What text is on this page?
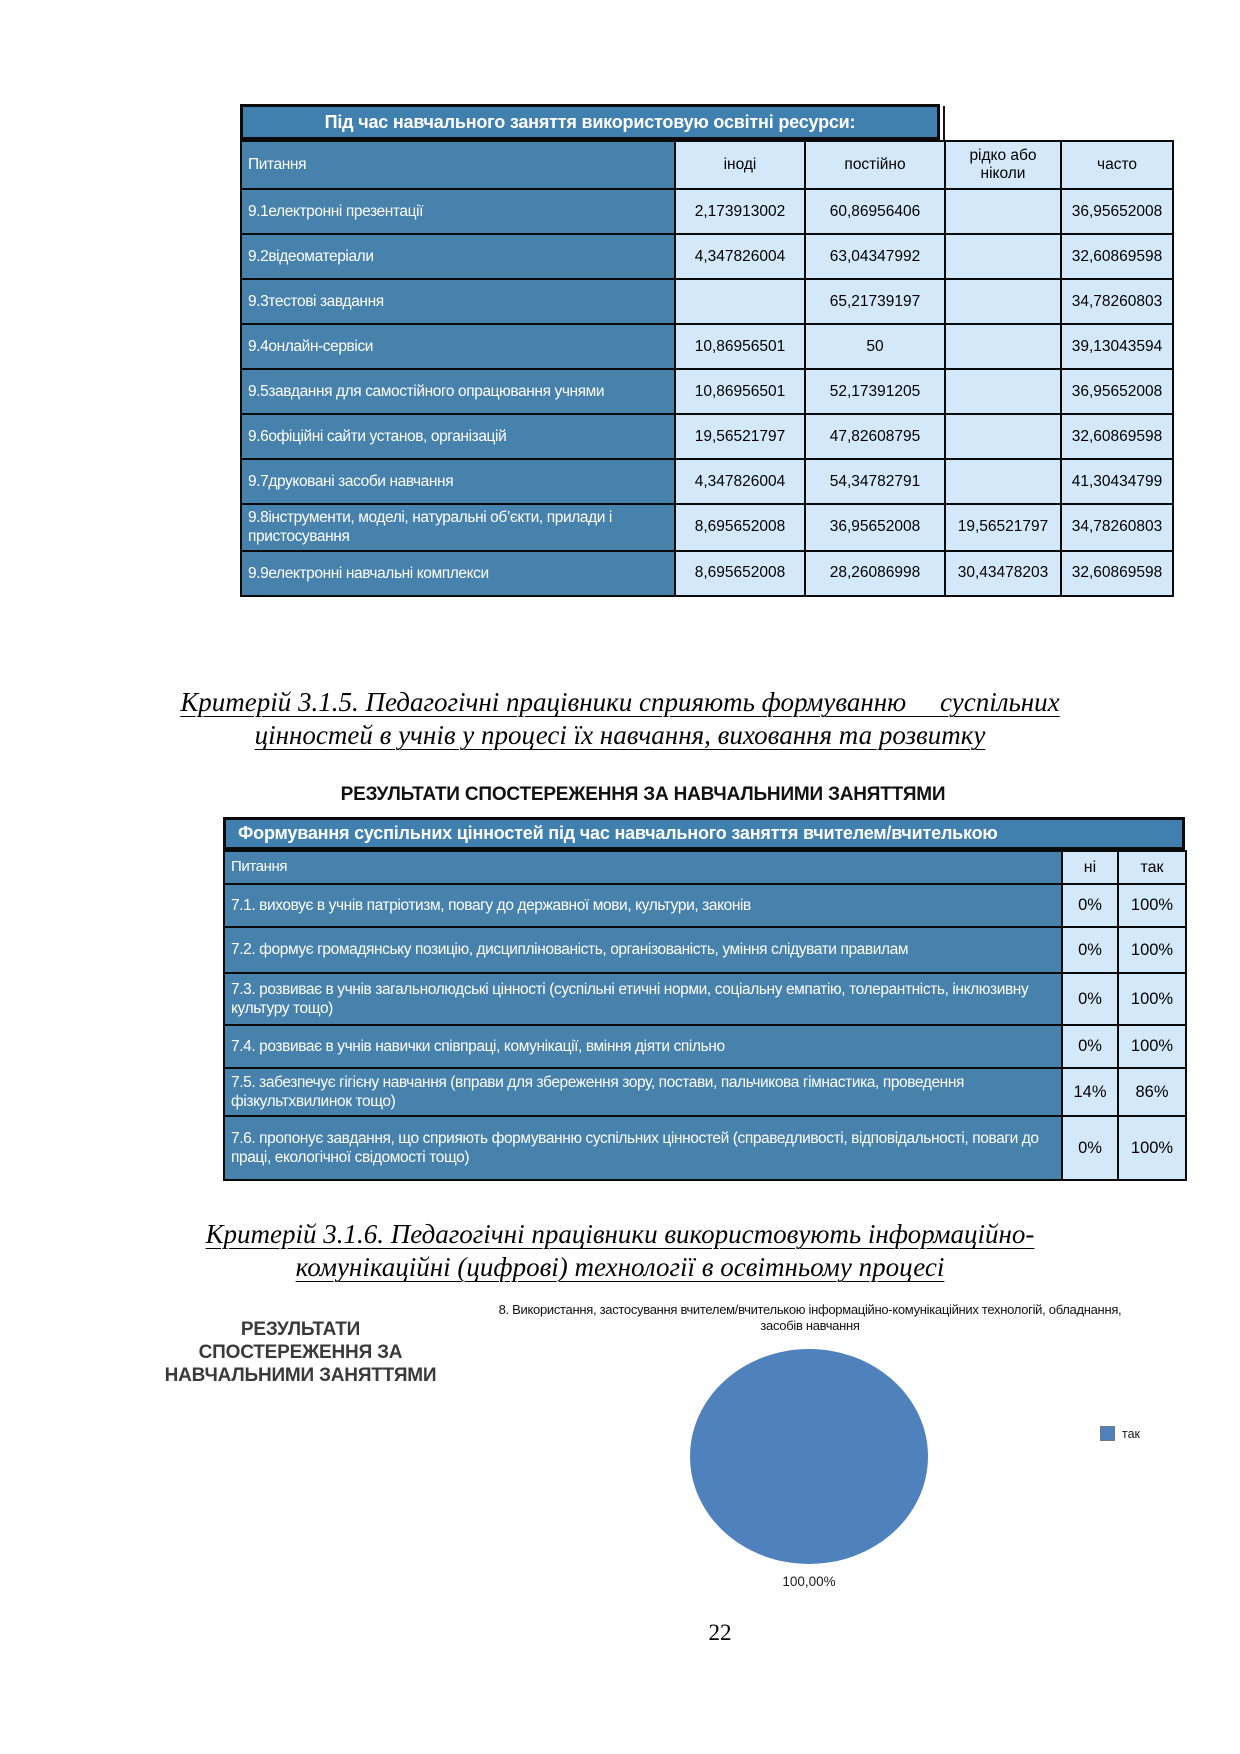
Під час навчального заняття використовую освітні ресурси:
Питання	іноді	постійно	рідко або ніколи	часто
9.1електронні презентації	2,173913002	60,86956406		36,95652008
9.2відеоматеріали	4,347826004	63,04347992		32,60869598
9.3тестові завдання		65,21739197		34,78260803
9.4онлайн-сервіси	10,86956501	50		39,13043594
9.5завдання для самостійного опрацювання учнями	10,86956501	52,17391205		36,95652008
9.6офіційні сайти установ, організацій	19,56521797	47,82608795		32,60869598
9.7друковані засоби навчання	4,347826004	54,34782791		41,30434799
9.8інструменти, моделі, натуральні об’єкти, прилади і пристосування	8,695652008	36,95652008	19,56521797	34,78260803
9.9електронні навчальні комплекси	8,695652008	28,26086998	30,43478203	32,60869598
Критерій 3.1.5. Педагогічні працівники сприяють формуванню     суспільних
цінностей в учнів у процесі їх навчання, виховання та розвитку
РЕЗУЛЬТАТИ СПОСТЕРЕЖЕННЯ ЗА НАВЧАЛЬНИМИ ЗАНЯТТЯМИ
Формування суспільних цінностей під час навчального заняття вчителем/вчителькою
Питання	ні	так
7.1. виховує в учнів патріотизм, повагу до державної мови, культури, законів	0%	100%
7.2. формує громадянську позицію, дисциплінованість, організованість, уміння слідувати правилам	0%	100%
7.3. розвиває в учнів загальнолюдські цінності (суспільні етичні норми, соціальну емпатію, толерантність, інклюзивну культуру тощо)	0%	100%
7.4. розвиває в учнів навички співпраці, комунікації, вміння діяти спільно	0%	100%
7.5. забезпечує гігієну навчання (вправи для збереження зору, постави, пальчикова гімнастика, проведення фізкультхвилинок тощо)	14%	86%
7.6. пропонує завдання, що сприяють формуванню суспільних цінностей (справедливості, відповідальності, поваги до праці, екологічної свідомості тощо)	0%	100%
Критерій 3.1.6. Педагогічні працівники використовують інформаційно-
комунікаційні (цифрові) технології в освітньому процесі
РЕЗУЛЬТАТИ
СПОСТЕРЕЖЕННЯ ЗА
НАВЧАЛЬНИМИ ЗАНЯТТЯМИ
8. Використання, застосування вчителем/вчителькою інформаційно-комунікаційних технологій, обладнання, засобів навчання
100,00%
так
22
